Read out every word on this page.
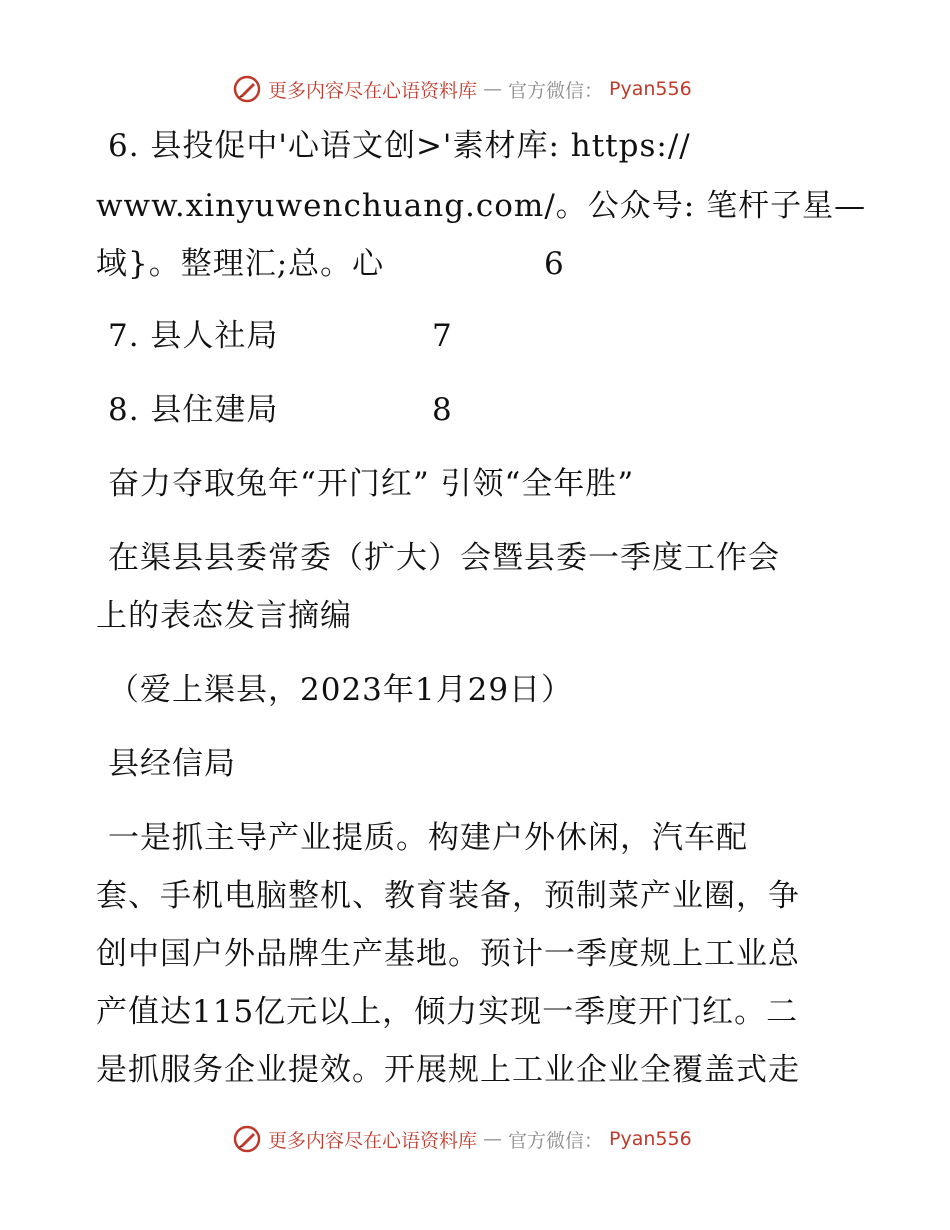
更多内容尽在心语资料库 — 官方微信： Pyan556
6. 县投促中'心语文创>'素材库: https://
www.xinyuwenchuang.com/。公众号: 笔杆子星—
域}。整理汇;总。心	6
7. 县人社局	7
8. 县住建局	8
奋力夺取兔年“开门红” 引领“全年胜”
在渠县县委常委（扩大）会暨县委一季度工作会
上的表态发言摘编
（爱上渠县，2023年1月29日）
县经信局
一是抓主导产业提质。构建户外休闲，汽车配
套、手机电脑整机、教育装备，预制菜产业圈，争
创中国户外品牌生产基地。预计一季度规上工业总
产值达115亿元以上，倾力实现一季度开门红。二
是抓服务企业提效。开展规上工业企业全覆盖式走
更多内容尽在心语资料库 — 官方微信： Pyan556
